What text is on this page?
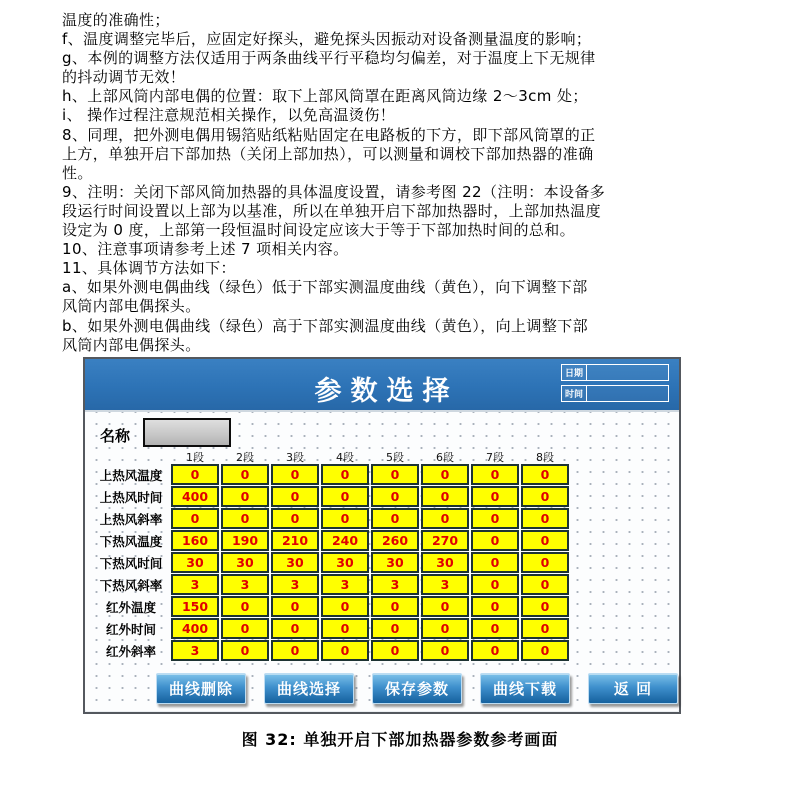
温度的准确性；
f、温度调整完毕后，应固定好探头，避免探头因振动对设备测量温度的影响；
g、本例的调整方法仅适用于两条曲线平行平稳均匀偏差，对于温度上下无规律
的抖动调节无效！
h、上部风筒内部电偶的位置：取下上部风筒罩在距离风筒边缘 2～3cm 处；
i、 操作过程注意规范相关操作，以免高温烫伤！
8、同理，把外测电偶用锡箔贴纸粘贴固定在电路板的下方，即下部风筒罩的正
上方，单独开启下部加热（关闭上部加热），可以测量和调校下部加热器的准确
性。
9、注明：关闭下部风筒加热器的具体温度设置，请参考图 22（注明：本设备多
段运行时间设置以上部为以基准，所以在单独开启下部加热器时，上部加热温度
设定为 0 度，上部第一段恒温时间设定应该大于等于下部加热时间的总和。
10、注意事项请参考上述 7 项相关内容。
11、具体调节方法如下：
a、如果外测电偶曲线（绿色）低于下部实测温度曲线（黄色），向下调整下部
风筒内部电偶探头。
b、如果外测电偶曲线（绿色）高于下部实测温度曲线（黄色），向上调整下部
风筒内部电偶探头。
参数选择
日期
时间
名称
1段	2段	3段	4段	5段	6段	7段	8段
上热风温度	0	0	0	0	0	0	0	0
上热风时间	400	0	0	0	0	0	0	0
上热风斜率	0	0	0	0	0	0	0	0
下热风温度	160	190	210	240	260	270	0	0
下热风时间	30	30	30	30	30	30	0	0
下热风斜率	3	3	3	3	3	3	0	0
红外温度	150	0	0	0	0	0	0	0
红外时间	400	0	0	0	0	0	0	0
红外斜率	3	0	0	0	0	0	0	0
曲线删除	曲线选择	保存参数	曲线下载	返 回
图 32: 单独开启下部加热器参数参考画面
